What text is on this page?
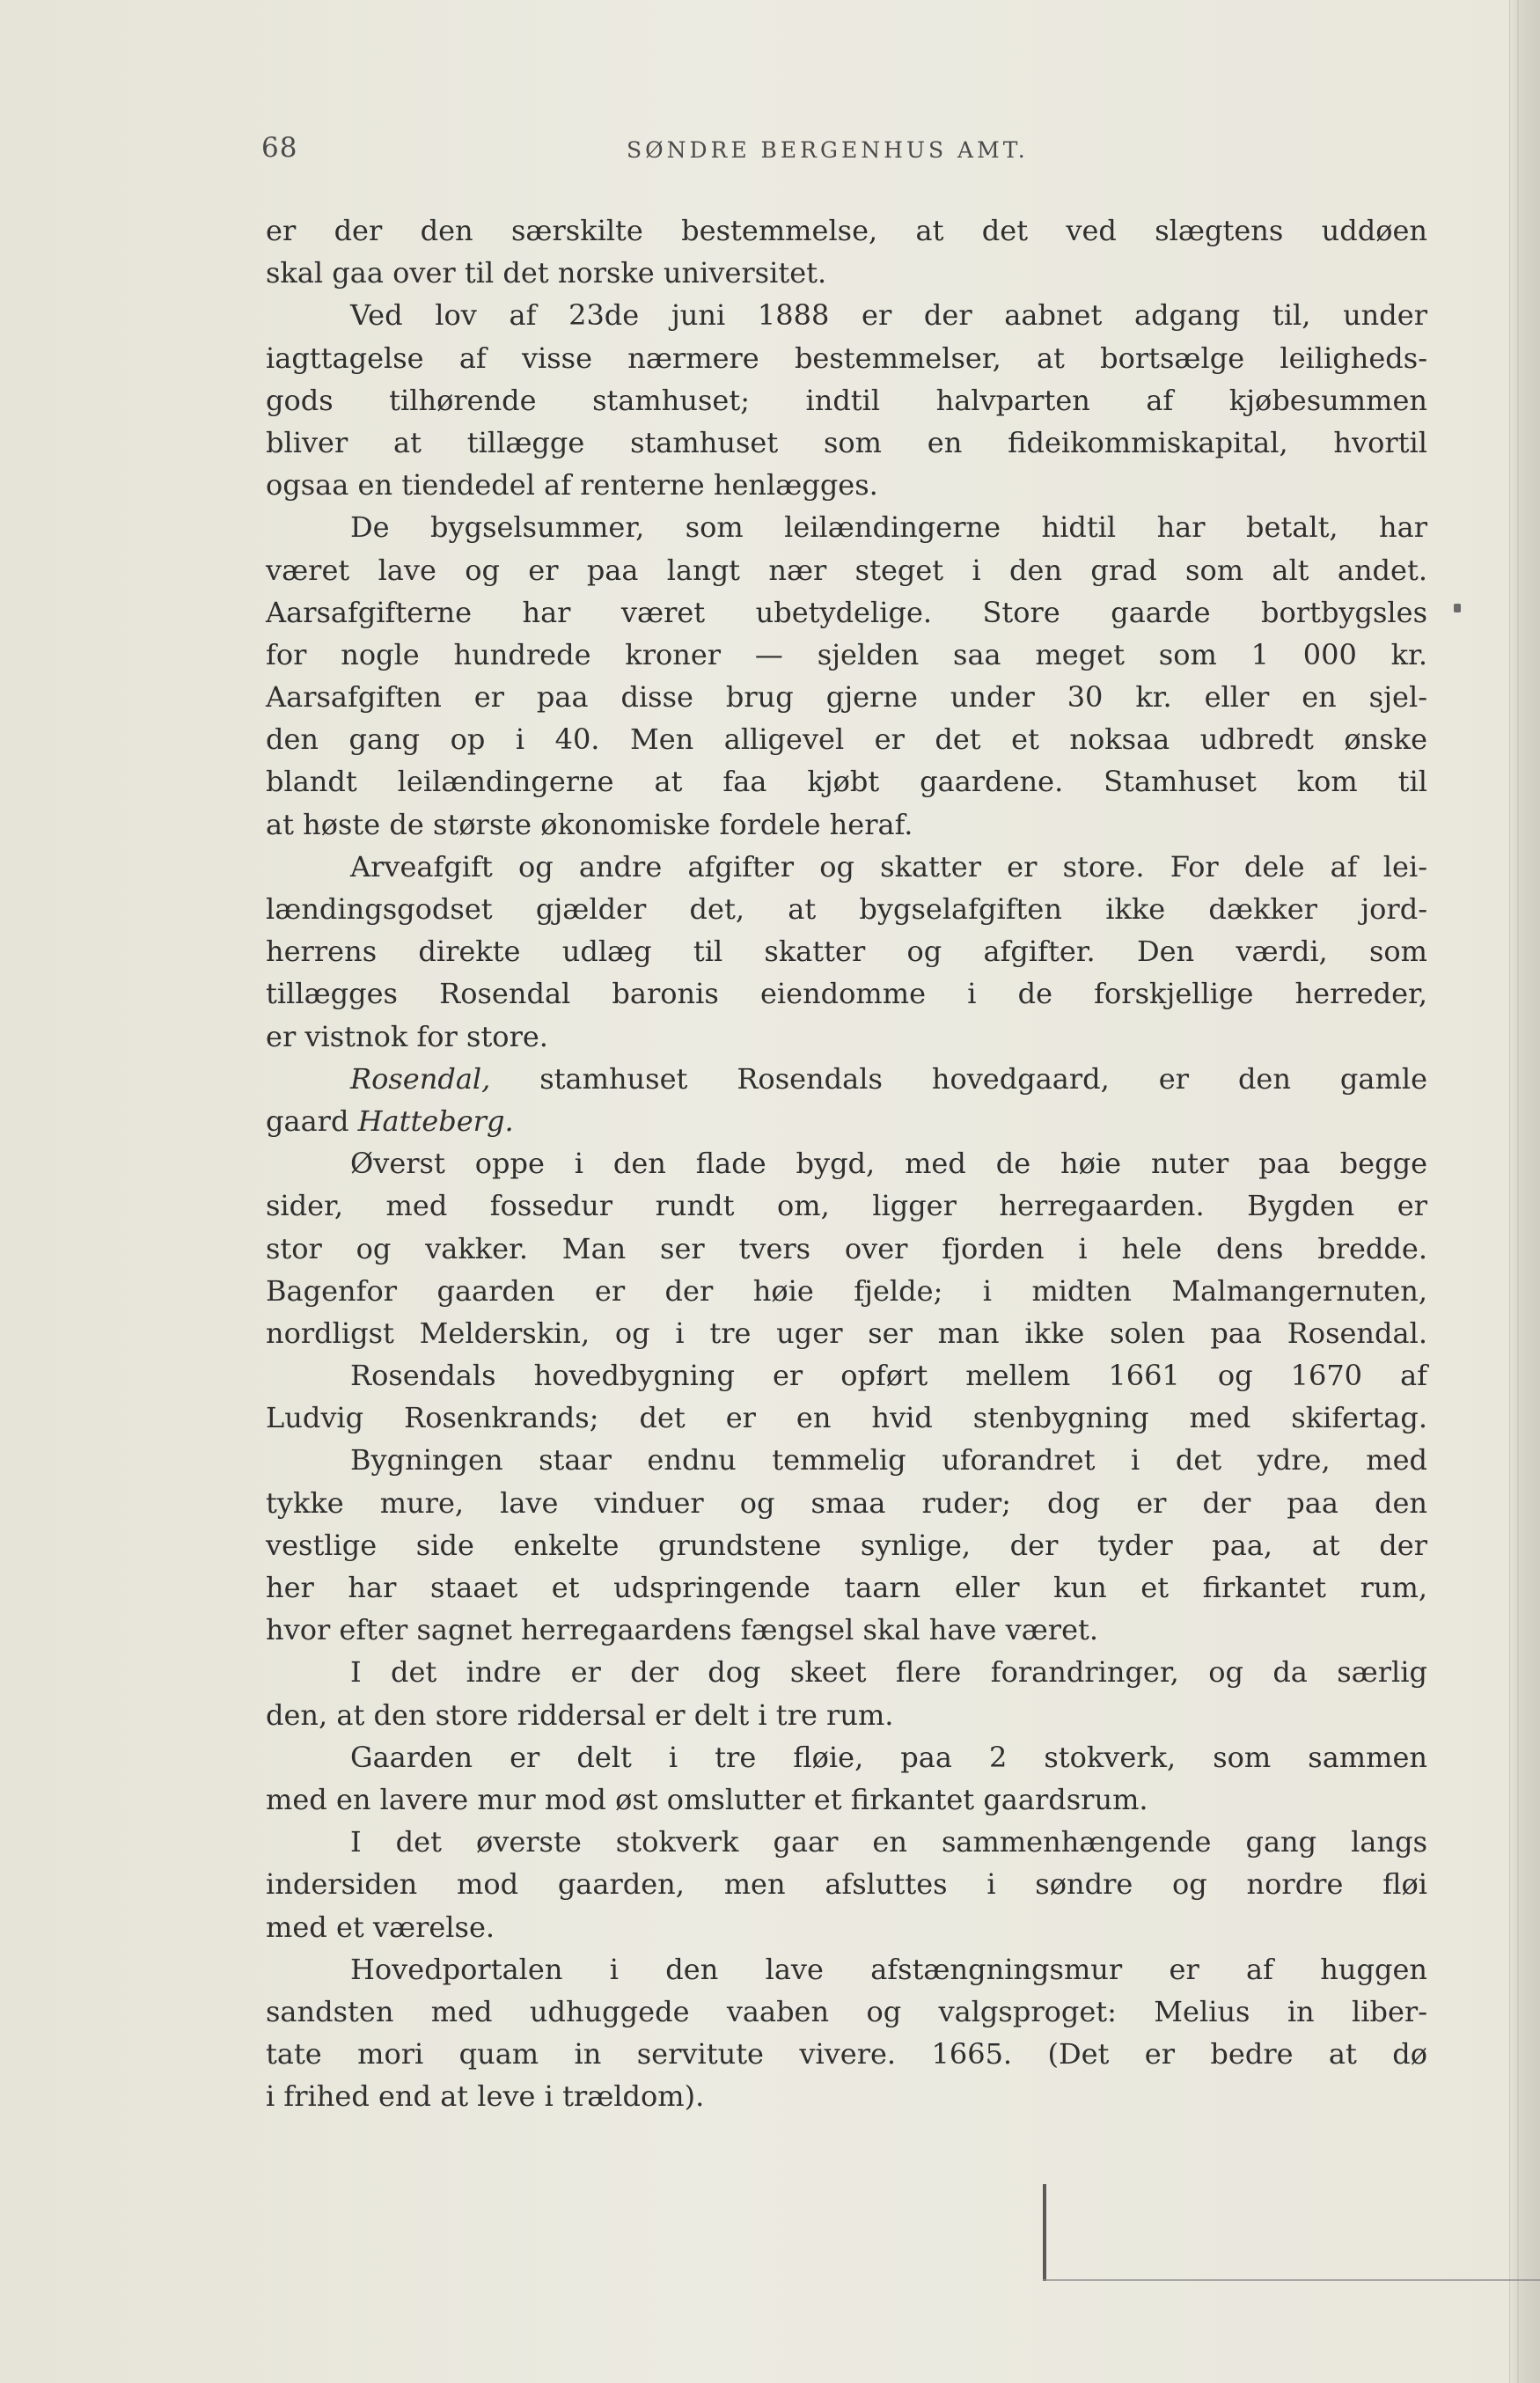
68	SØNDRE BERGENHUS AMT.
er der den særskilte bestemmelse, at det ved slægtens uddøen
skal gaa over til det norske universitet.
Ved lov af 23de juni 1888 er der aabnet adgang til, under
iagttagelse af visse nærmere bestemmelser, at bortsælge leiligheds-
gods tilhørende stamhuset; indtil halvparten af kjøbesummen
bliver at tillægge stamhuset som en fideikommiskapital, hvortil
ogsaa en tiendedel af renterne henlægges.
De bygselsummer, som leilændingerne hidtil har betalt, har
været lave og er paa langt nær steget i den grad som alt andet.
Aarsafgifterne har været ubetydelige. Store gaarde bortbygsles
for nogle hundrede kroner — sjelden saa meget som 1 000 kr.
Aarsafgiften er paa disse brug gjerne under 30 kr. eller en sjel-
den gang op i 40. Men alligevel er det et noksaa udbredt ønske
blandt leilændingerne at faa kjøbt gaardene. Stamhuset kom til
at høste de største økonomiske fordele heraf.
Arveafgift og andre afgifter og skatter er store. For dele af lei-
lændingsgodset gjælder det, at bygselafgiften ikke dækker jord-
herrens direkte udlæg til skatter og afgifter. Den værdi, som
tillægges Rosendal baronis eiendomme i de forskjellige herreder,
er vistnok for store.
Rosendal, stamhuset Rosendals hovedgaard, er den gamle
gaard Hatteberg.
Øverst oppe i den flade bygd, med de høie nuter paa begge
sider, med fossedur rundt om, ligger herregaarden. Bygden er
stor og vakker. Man ser tvers over fjorden i hele dens bredde.
Bagenfor gaarden er der høie fjelde; i midten Malmangernuten,
nordligst Melderskin, og i tre uger ser man ikke solen paa Rosendal.
Rosendals hovedbygning er opført mellem 1661 og 1670 af
Ludvig Rosenkrands; det er en hvid stenbygning med skifertag.
Bygningen staar endnu temmelig uforandret i det ydre, med
tykke mure, lave vinduer og smaa ruder; dog er der paa den
vestlige side enkelte grundstene synlige, der tyder paa, at der
her har staaet et udspringende taarn eller kun et firkantet rum,
hvor efter sagnet herregaardens fængsel skal have været.
I det indre er der dog skeet flere forandringer, og da særlig
den, at den store riddersal er delt i tre rum.
Gaarden er delt i tre fløie, paa 2 stokverk, som sammen
med en lavere mur mod øst omslutter et firkantet gaardsrum.
I det øverste stokverk gaar en sammenhængende gang langs
indersiden mod gaarden, men afsluttes i søndre og nordre fløi
med et værelse.
Hovedportalen i den lave afstængningsmur er af huggen
sandsten med udhuggede vaaben og valgsproget: Melius in liber-
tate mori quam in servitute vivere. 1665. (Det er bedre at dø
i frihed end at leve i trældom).
